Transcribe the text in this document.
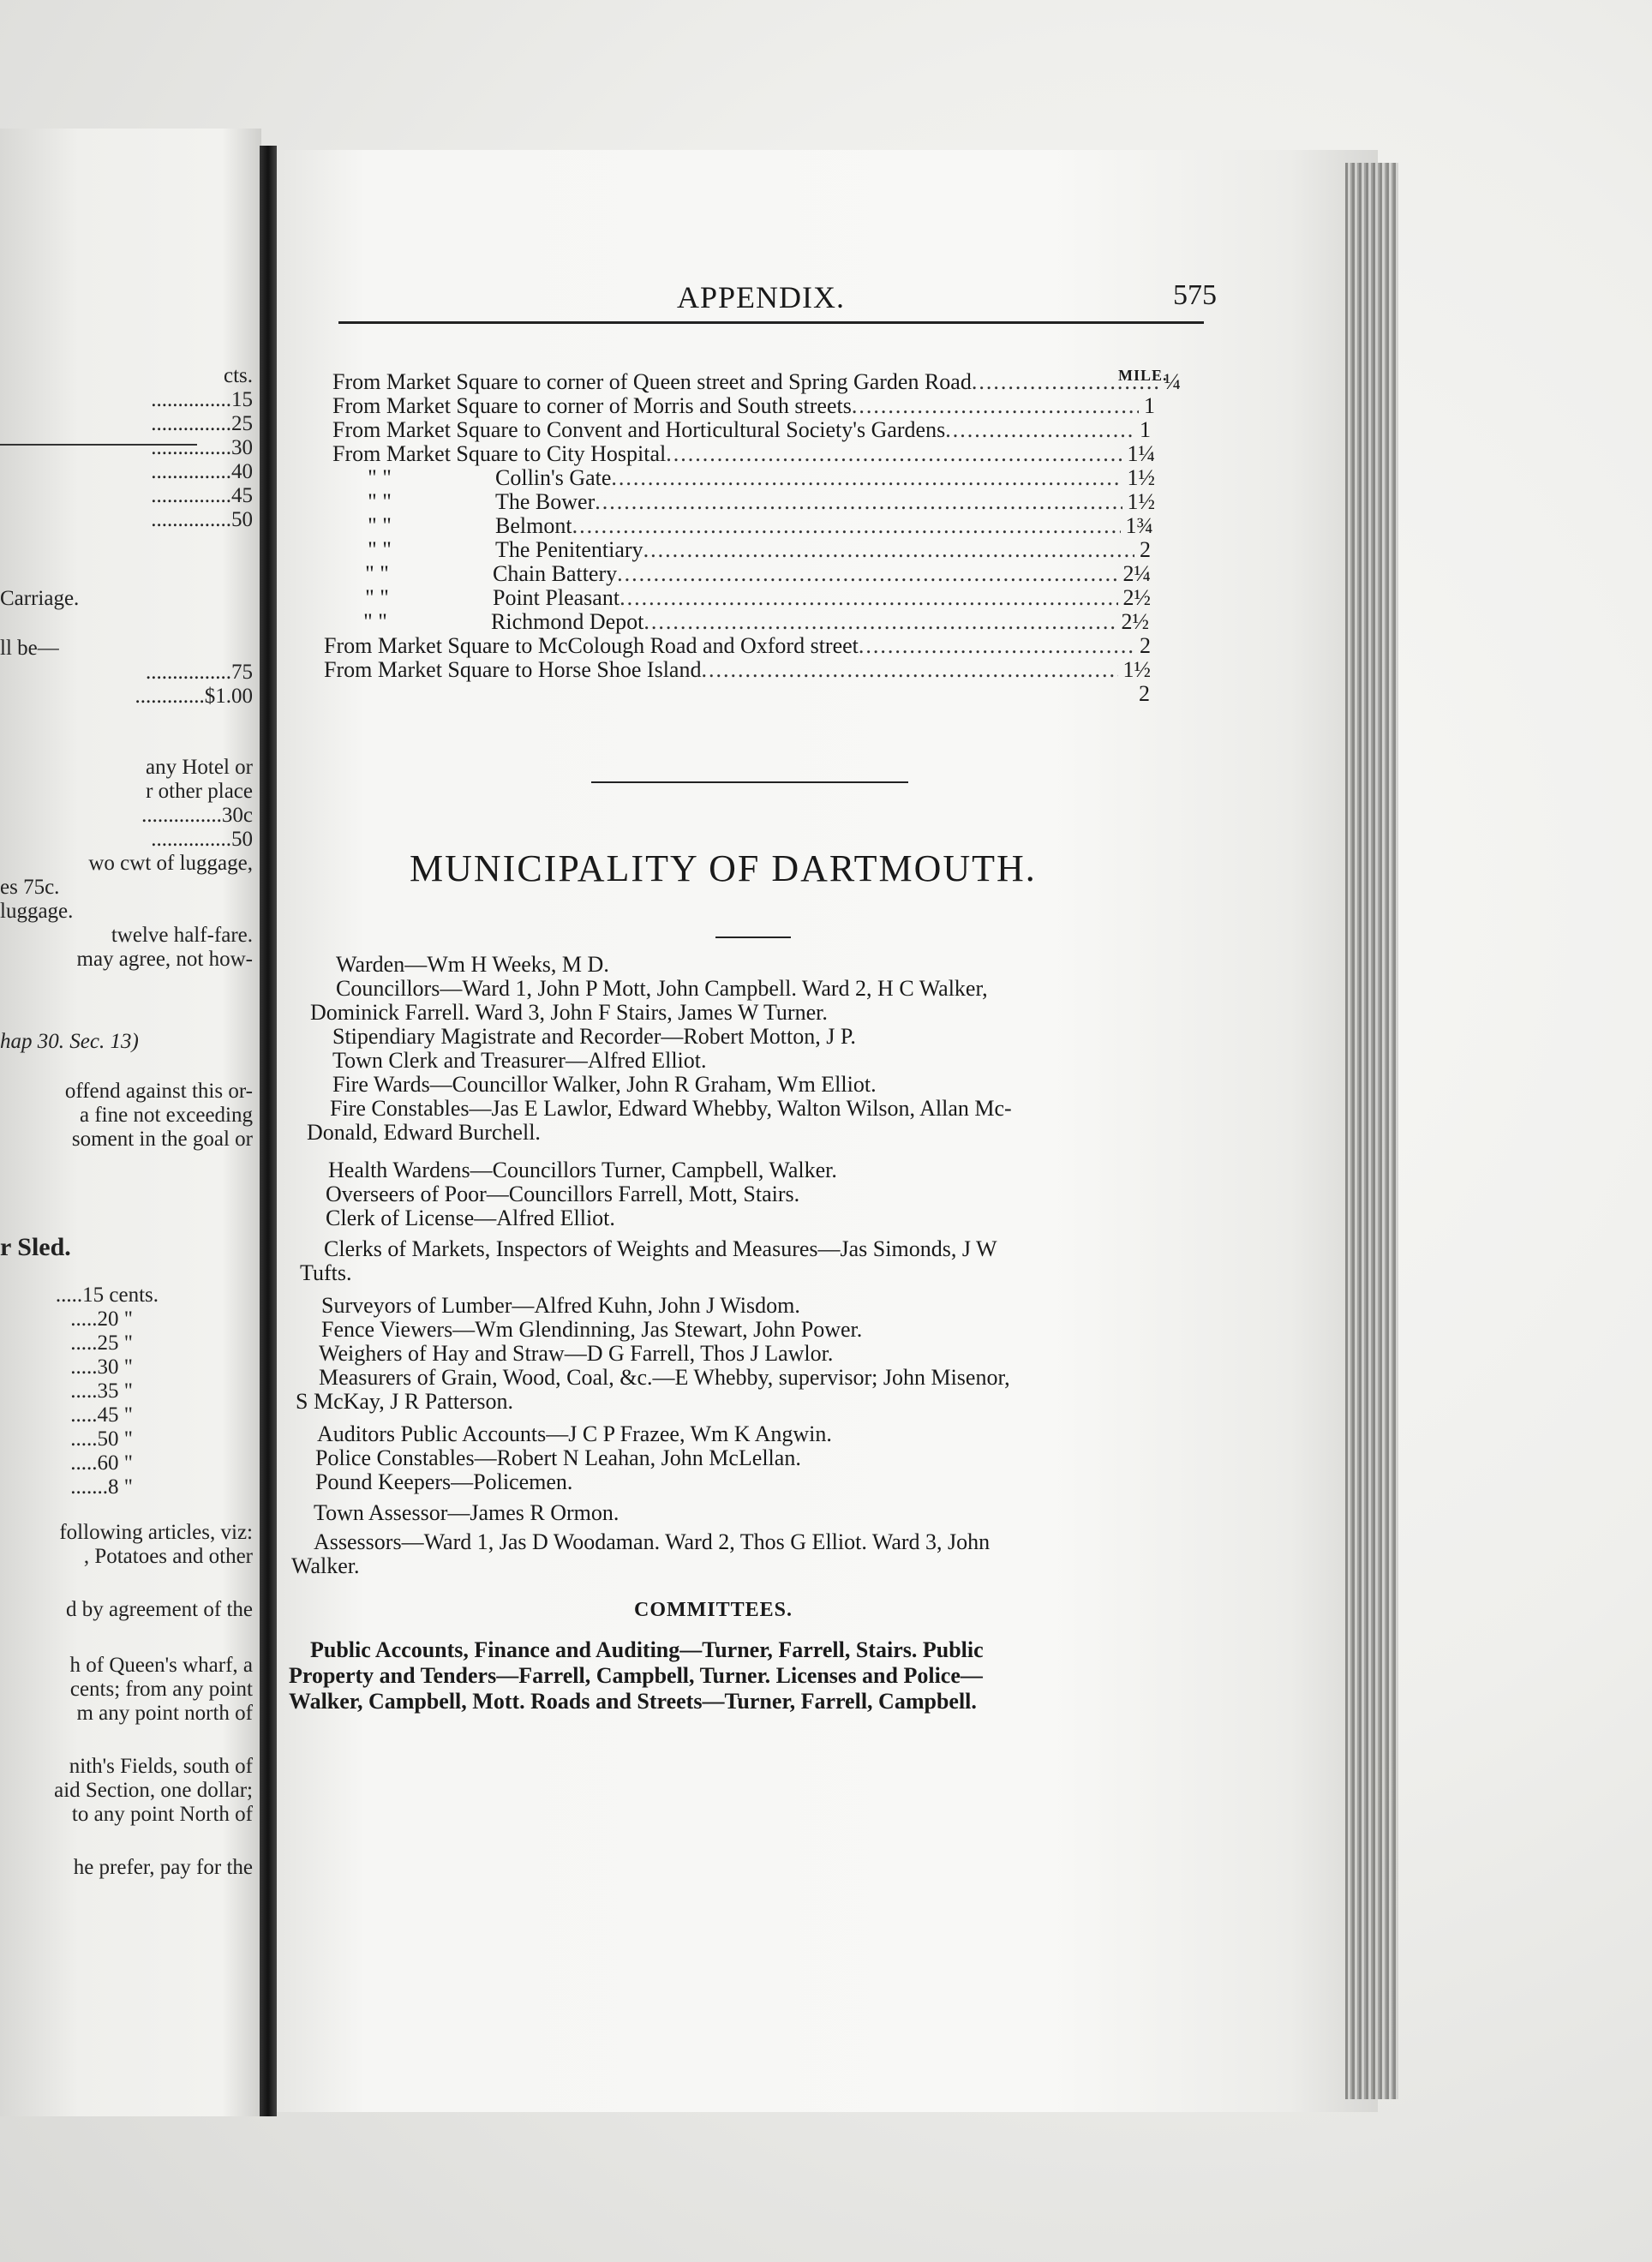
cts.
...............15
...............25
...............30
...............40
...............45
...............50
Carriage.
ll be—
................75
.............$1.00
any Hotel or
r other place
...............30c
...............50
wo cwt of luggage,
es 75c.
luggage.
twelve half-fare.
may agree, not how-
hap 30. Sec. 13)
offend against this or-
a fine not exceeding
soment in the goal or
r Sled.
.....15 cents.
.....20 "
.....25 "
.....30 "
.....35 "
.....45 "
.....50 "
.....60 "
.......8 "
following articles, viz:
, Potatoes and other
d by agreement of the
h of Queen's wharf, a
cents; from any point
m any point north of
nith's Fields, south of
aid Section, one dollar;
to any point North of
he prefer, pay for the
APPENDIX.	575
MILE.
From Market Square to
corner of Queen street and Spring Garden Road .....	¼
From Market Square to
corner of Morris and South streets .....	1
From Market Square to
Convent and Horticultural Society's Gardens .....	1
From Market Square to
City Hospital .....	1¼
" "	Collin's Gate .....	1½
" "	The Bower .....	1½
" "	Belmont .....	1¾
" "	The Penitentiary .....	2
" "	Chain Battery .....	2¼
" "	Point Pleasant .....	2½
" "	Richmond Depot .....	2½
From Market Square to
McColough Road and Oxford street .....	2
From Market Square to
Horse Shoe Island .....	1½
2
MUNICIPALITY OF DARTMOUTH.
Warden—Wm H Weeks, M D.
Councillors—Ward 1, John P Mott, John Campbell. Ward 2, H C Walker,
Dominick Farrell. Ward 3, John F Stairs, James W Turner.
Stipendiary Magistrate and Recorder—Robert Motton, J P.
Town Clerk and Treasurer—Alfred Elliot.
Fire Wards—Councillor Walker, John R Graham, Wm Elliot.
Fire Constables—Jas E Lawlor, Edward Whebby, Walton Wilson, Allan Mc-
Donald, Edward Burchell.
Health Wardens—Councillors Turner, Campbell, Walker.
Overseers of Poor—Councillors Farrell, Mott, Stairs.
Clerk of License—Alfred Elliot.
Clerks of Markets, Inspectors of Weights and Measures—Jas Simonds, J W
Tufts.
Surveyors of Lumber—Alfred Kuhn, John J Wisdom.
Fence Viewers—Wm Glendinning, Jas Stewart, John Power.
Weighers of Hay and Straw—D G Farrell, Thos J Lawlor.
Measurers of Grain, Wood, Coal, &c.—E Whebby, supervisor; John Misenor,
S McKay, J R Patterson.
Auditors Public Accounts—J C P Frazee, Wm K Angwin.
Police Constables—Robert N Leahan, John McLellan.
Pound Keepers—Policemen.
Town Assessor—James R Ormon.
Assessors—Ward 1, Jas D Woodaman. Ward 2, Thos G Elliot. Ward 3, John
Walker.
COMMITTEES.
Public Accounts, Finance and Auditing—Turner, Farrell, Stairs. Public
Property and Tenders—Farrell, Campbell, Turner. Licenses and Police—
Walker, Campbell, Mott. Roads and Streets—Turner, Farrell, Campbell.
